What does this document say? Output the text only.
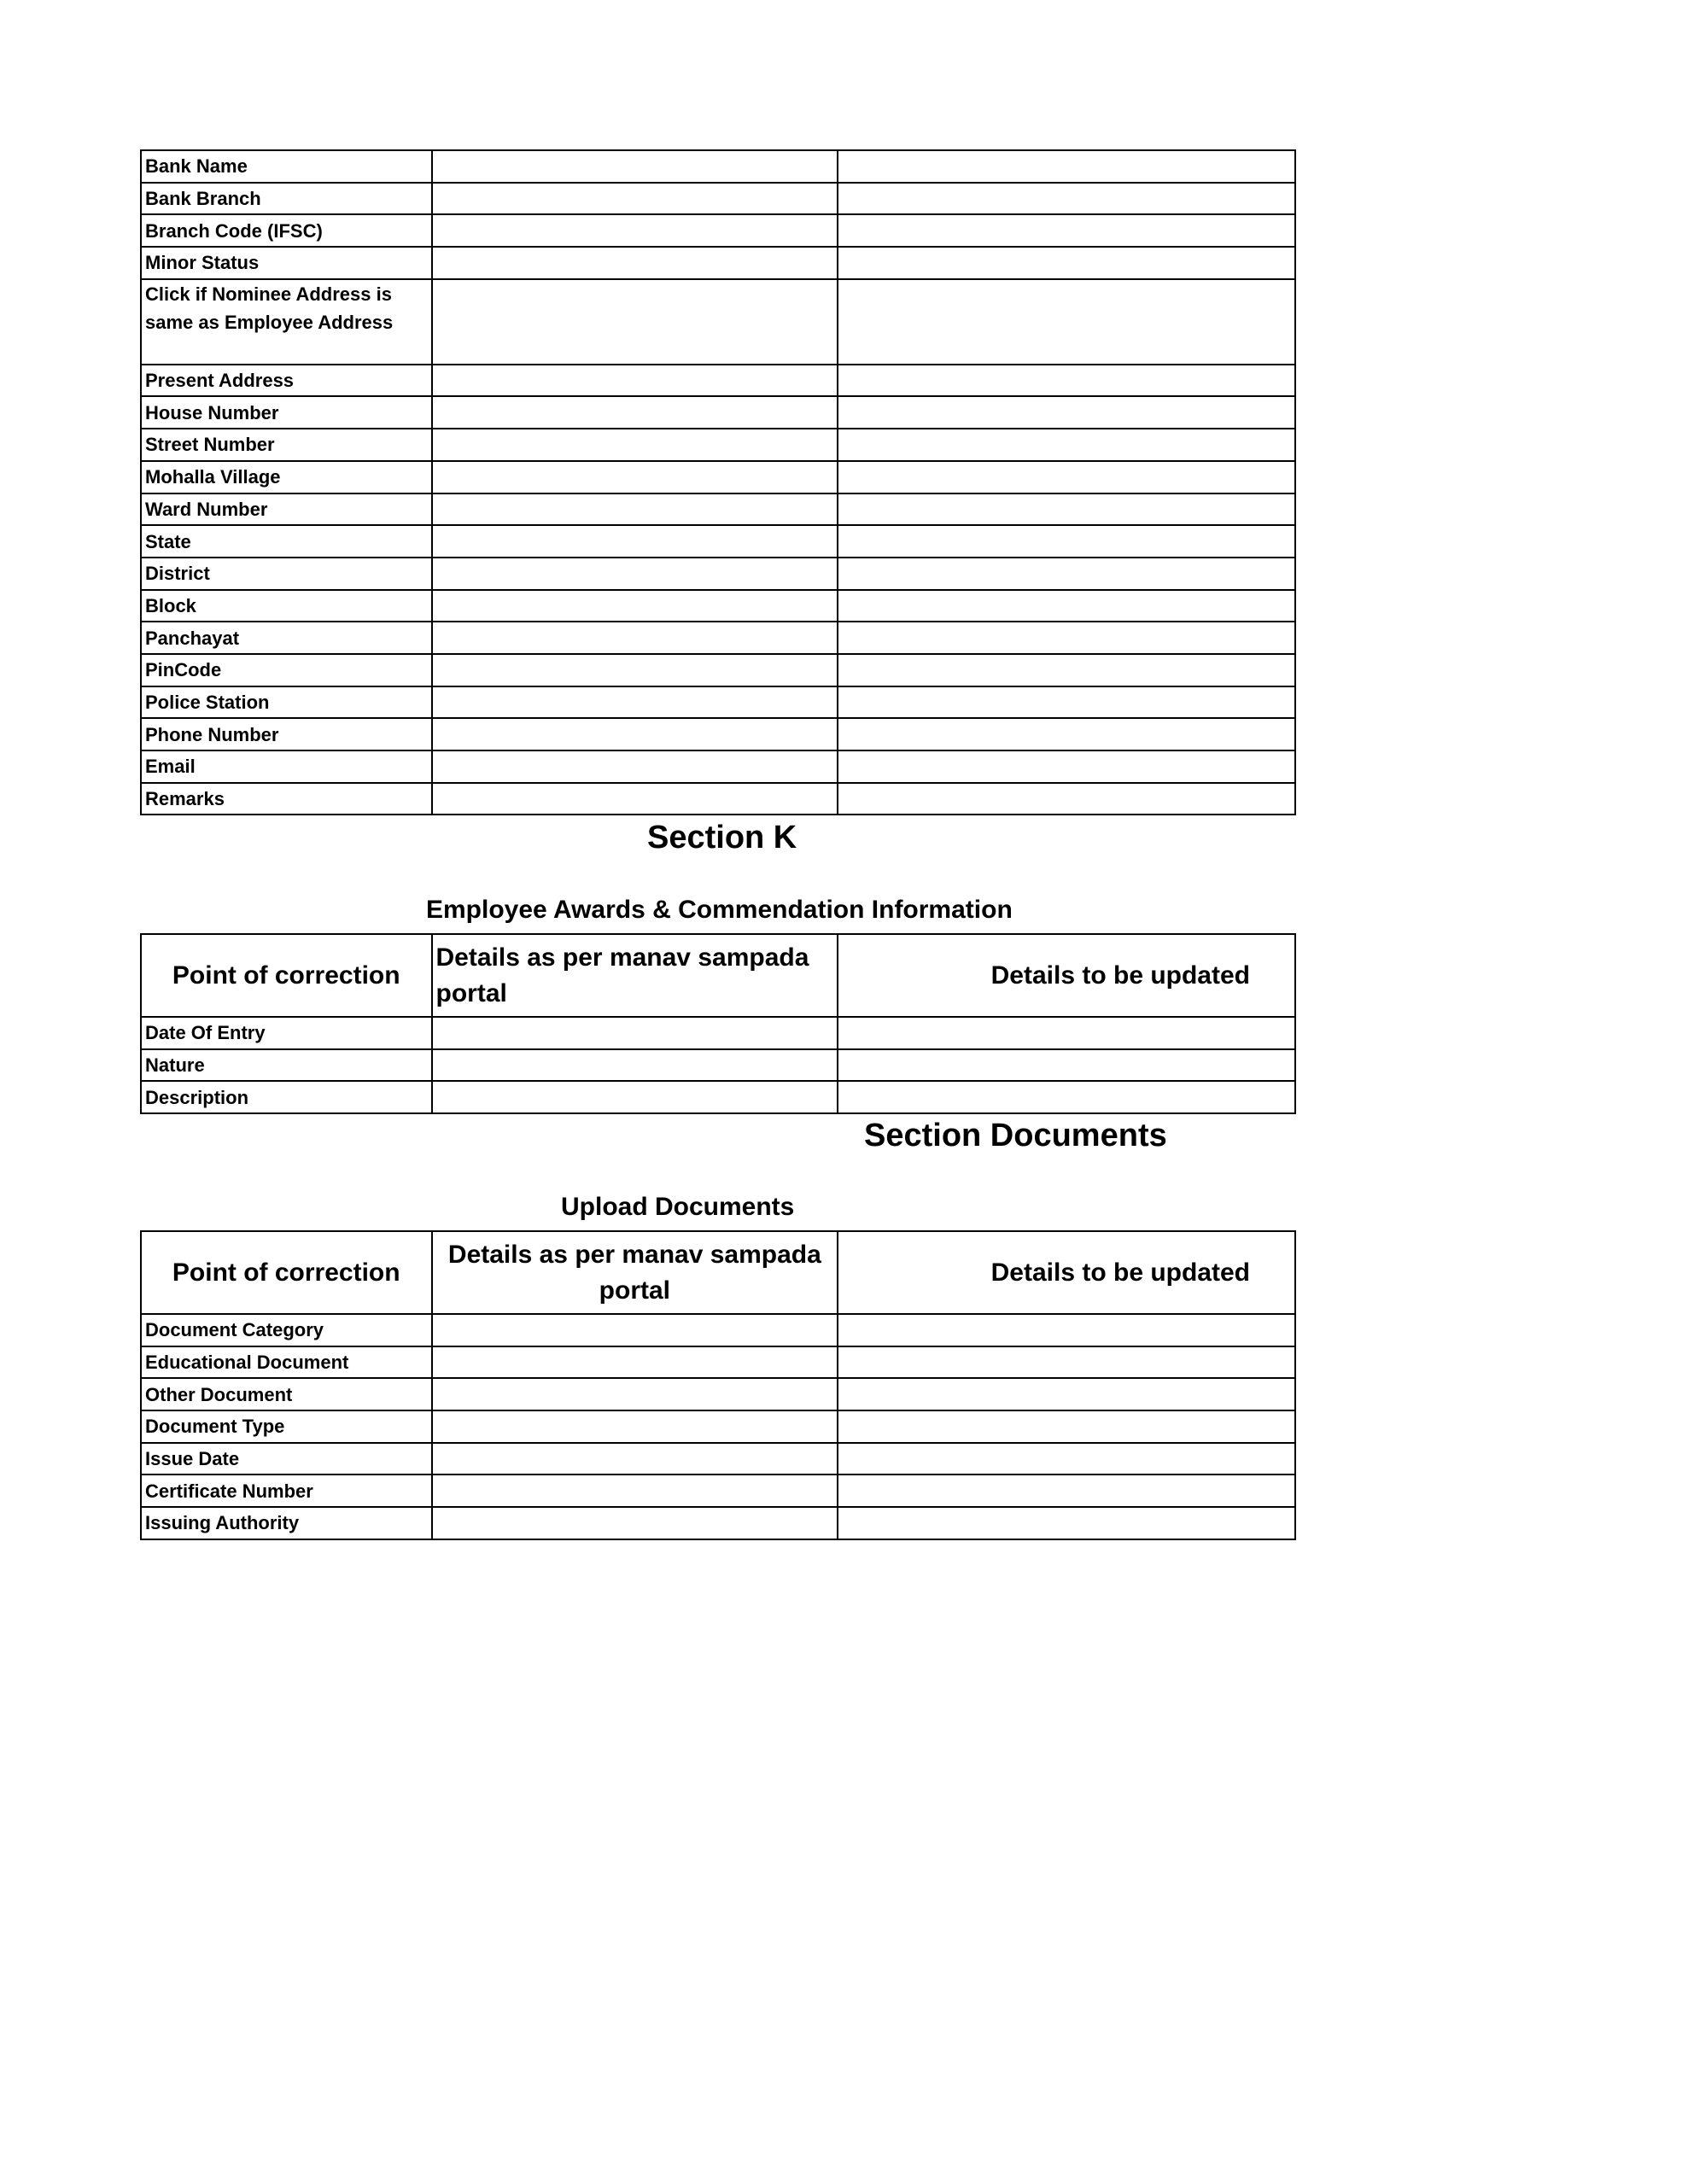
Bank Name		
Bank Branch		
Branch Code (IFSC)		
Minor Status		
Click if Nominee Address is same as Employee Address		
Present Address		
House Number		
Street Number		
Mohalla Village		
Ward Number		
State		
District		
Block		
Panchayat		
PinCode		
Police Station		
Phone Number		
Email		
Remarks		
Section K
Employee Awards & Commendation Information
Point of correction	Details as per manav sampada portal	Details to be updated
Date Of Entry		
Nature		
Description		
Section Documents
Upload Documents
Point of correction	Details as per manav sampada portal	Details to be updated
Document Category		
Educational Document		
Other Document		
Document Type		
Issue Date		
Certificate Number		
Issuing Authority		
